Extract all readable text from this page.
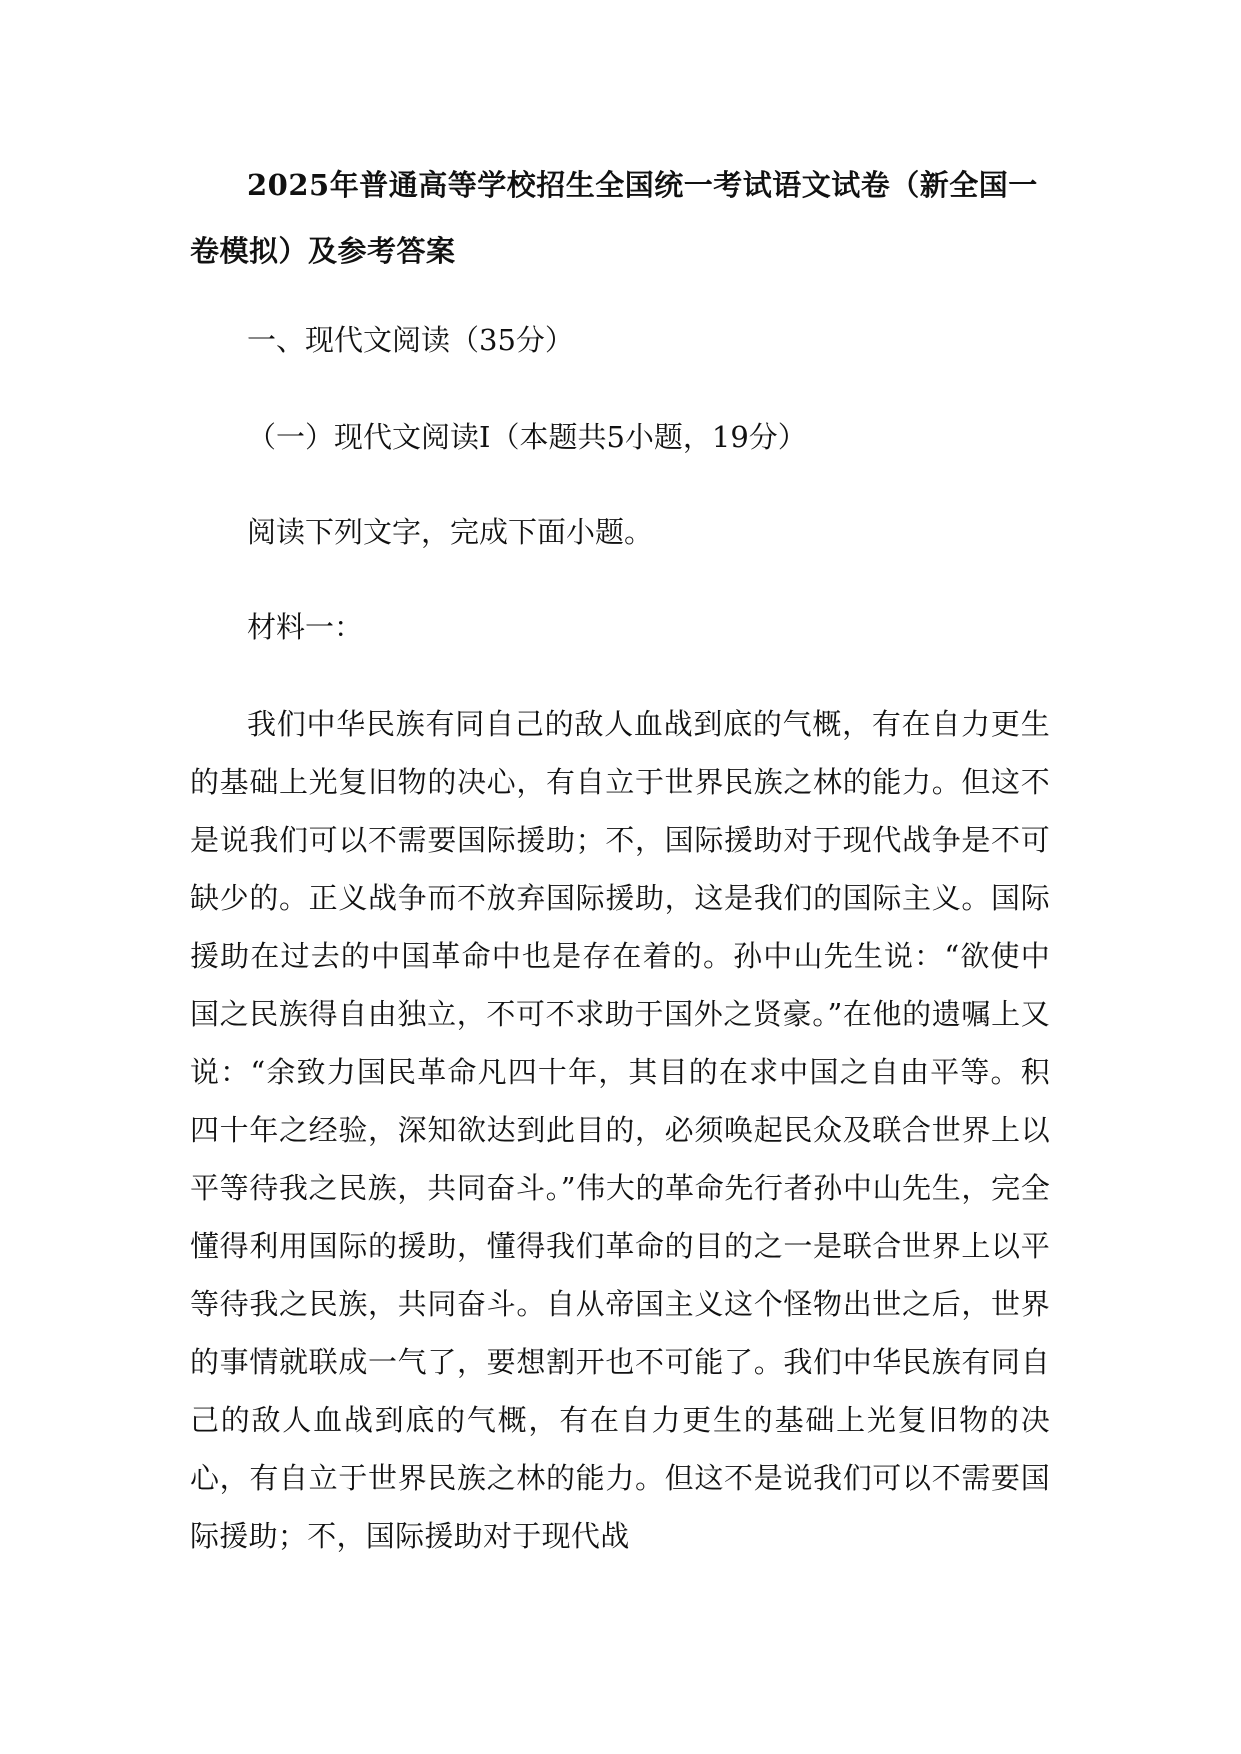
2025年普通高等学校招生全国统一考试语文试卷（新全国一卷模拟）及参考答案

一、现代文阅读（35分）

（一）现代文阅读I（本题共5小题，19分）

阅读下列文字，完成下面小题。

材料一：

我们中华民族有同自己的敌人血战到底的气概，有在自力更生的基础上光复旧物的决心，有自立于世界民族之林的能力。但这不是说我们可以不需要国际援助；不，国际援助对于现代战争是不可缺少的。正义战争而不放弃国际援助，这是我们的国际主义。国际援助在过去的中国革命中也是存在着的。孙中山先生说：“欲使中国之民族得自由独立，不可不求助于国外之贤豪。”在他的遗嘱上又说：“余致力国民革命凡四十年，其目的在求中国之自由平等。积四十年之经验，深知欲达到此目的，必须唤起民众及联合世界上以平等待我之民族，共同奋斗。”伟大的革命先行者孙中山先生，完全懂得利用国际的援助，懂得我们革命的目的之一是联合世界上以平等待我之民族，共同奋斗。自从帝国主义这个怪物出世之后，世界的事情就联成一气了，要想割开也不可能了。我们中华民族有同自己的敌人血战到底的气概，有在自力更生的基础上光复旧物的决心，有自立于世界民族之林的能力。但这不是说我们可以不需要国际援助；不，国际援助对于现代战
